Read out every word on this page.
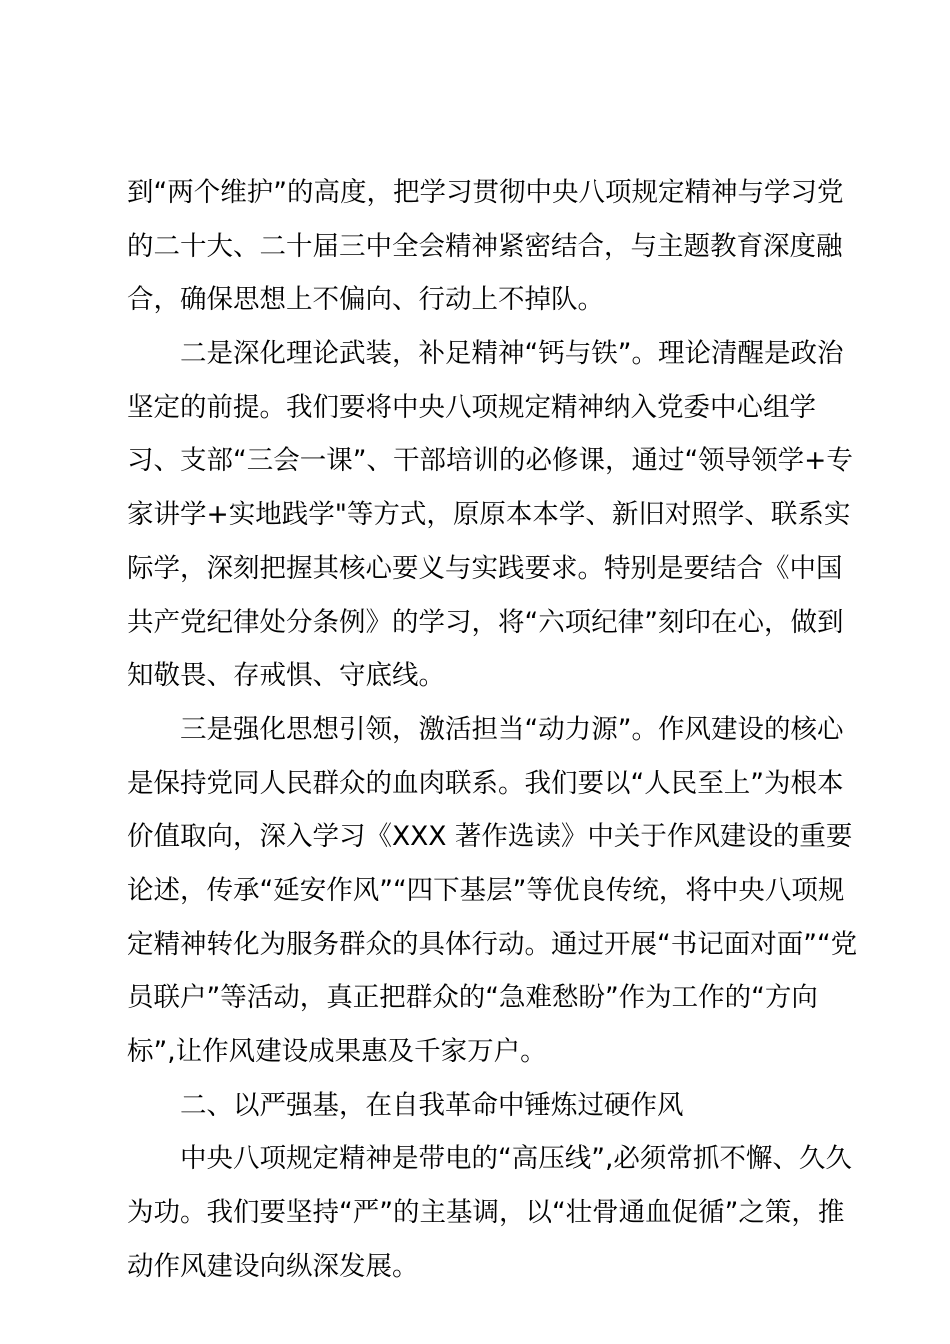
到“两个维护”的高度，把学习贯彻中央八项规定精神与学习党
的二十大、二十届三中全会精神紧密结合，与主题教育深度融
合，确保思想上不偏向、行动上不掉队。
二是深化理论武装，补足精神“钙与铁”。理论清醒是政治
坚定的前提。我们要将中央八项规定精神纳入党委中心组学
习、支部“三会一课”、干部培训的必修课，通过“领导领学+专
家讲学+实地践学"等方式，原原本本学、新旧对照学、联系实
际学，深刻把握其核心要义与实践要求。特别是要结合《中国
共产党纪律处分条例》的学习，将“六项纪律”刻印在心，做到
知敬畏、存戒惧、守底线。
三是强化思想引领，激活担当“动力源”。作风建设的核心
是保持党同人民群众的血肉联系。我们要以“人民至上”为根本
价值取向，深入学习《XXX 著作选读》中关于作风建设的重要
论述，传承“延安作风”“四下基层”等优良传统，将中央八项规
定精神转化为服务群众的具体行动。通过开展“书记面对面”“党
员联户”等活动，真正把群众的“急难愁盼”作为工作的“方向
标”,让作风建设成果惠及千家万户。
二、以严强基，在自我革命中锤炼过硬作风
中央八项规定精神是带电的“高压线”,必须常抓不懈、久久
为功。我们要坚持“严”的主基调，以“壮骨通血促循”之策，推
动作风建设向纵深发展。
